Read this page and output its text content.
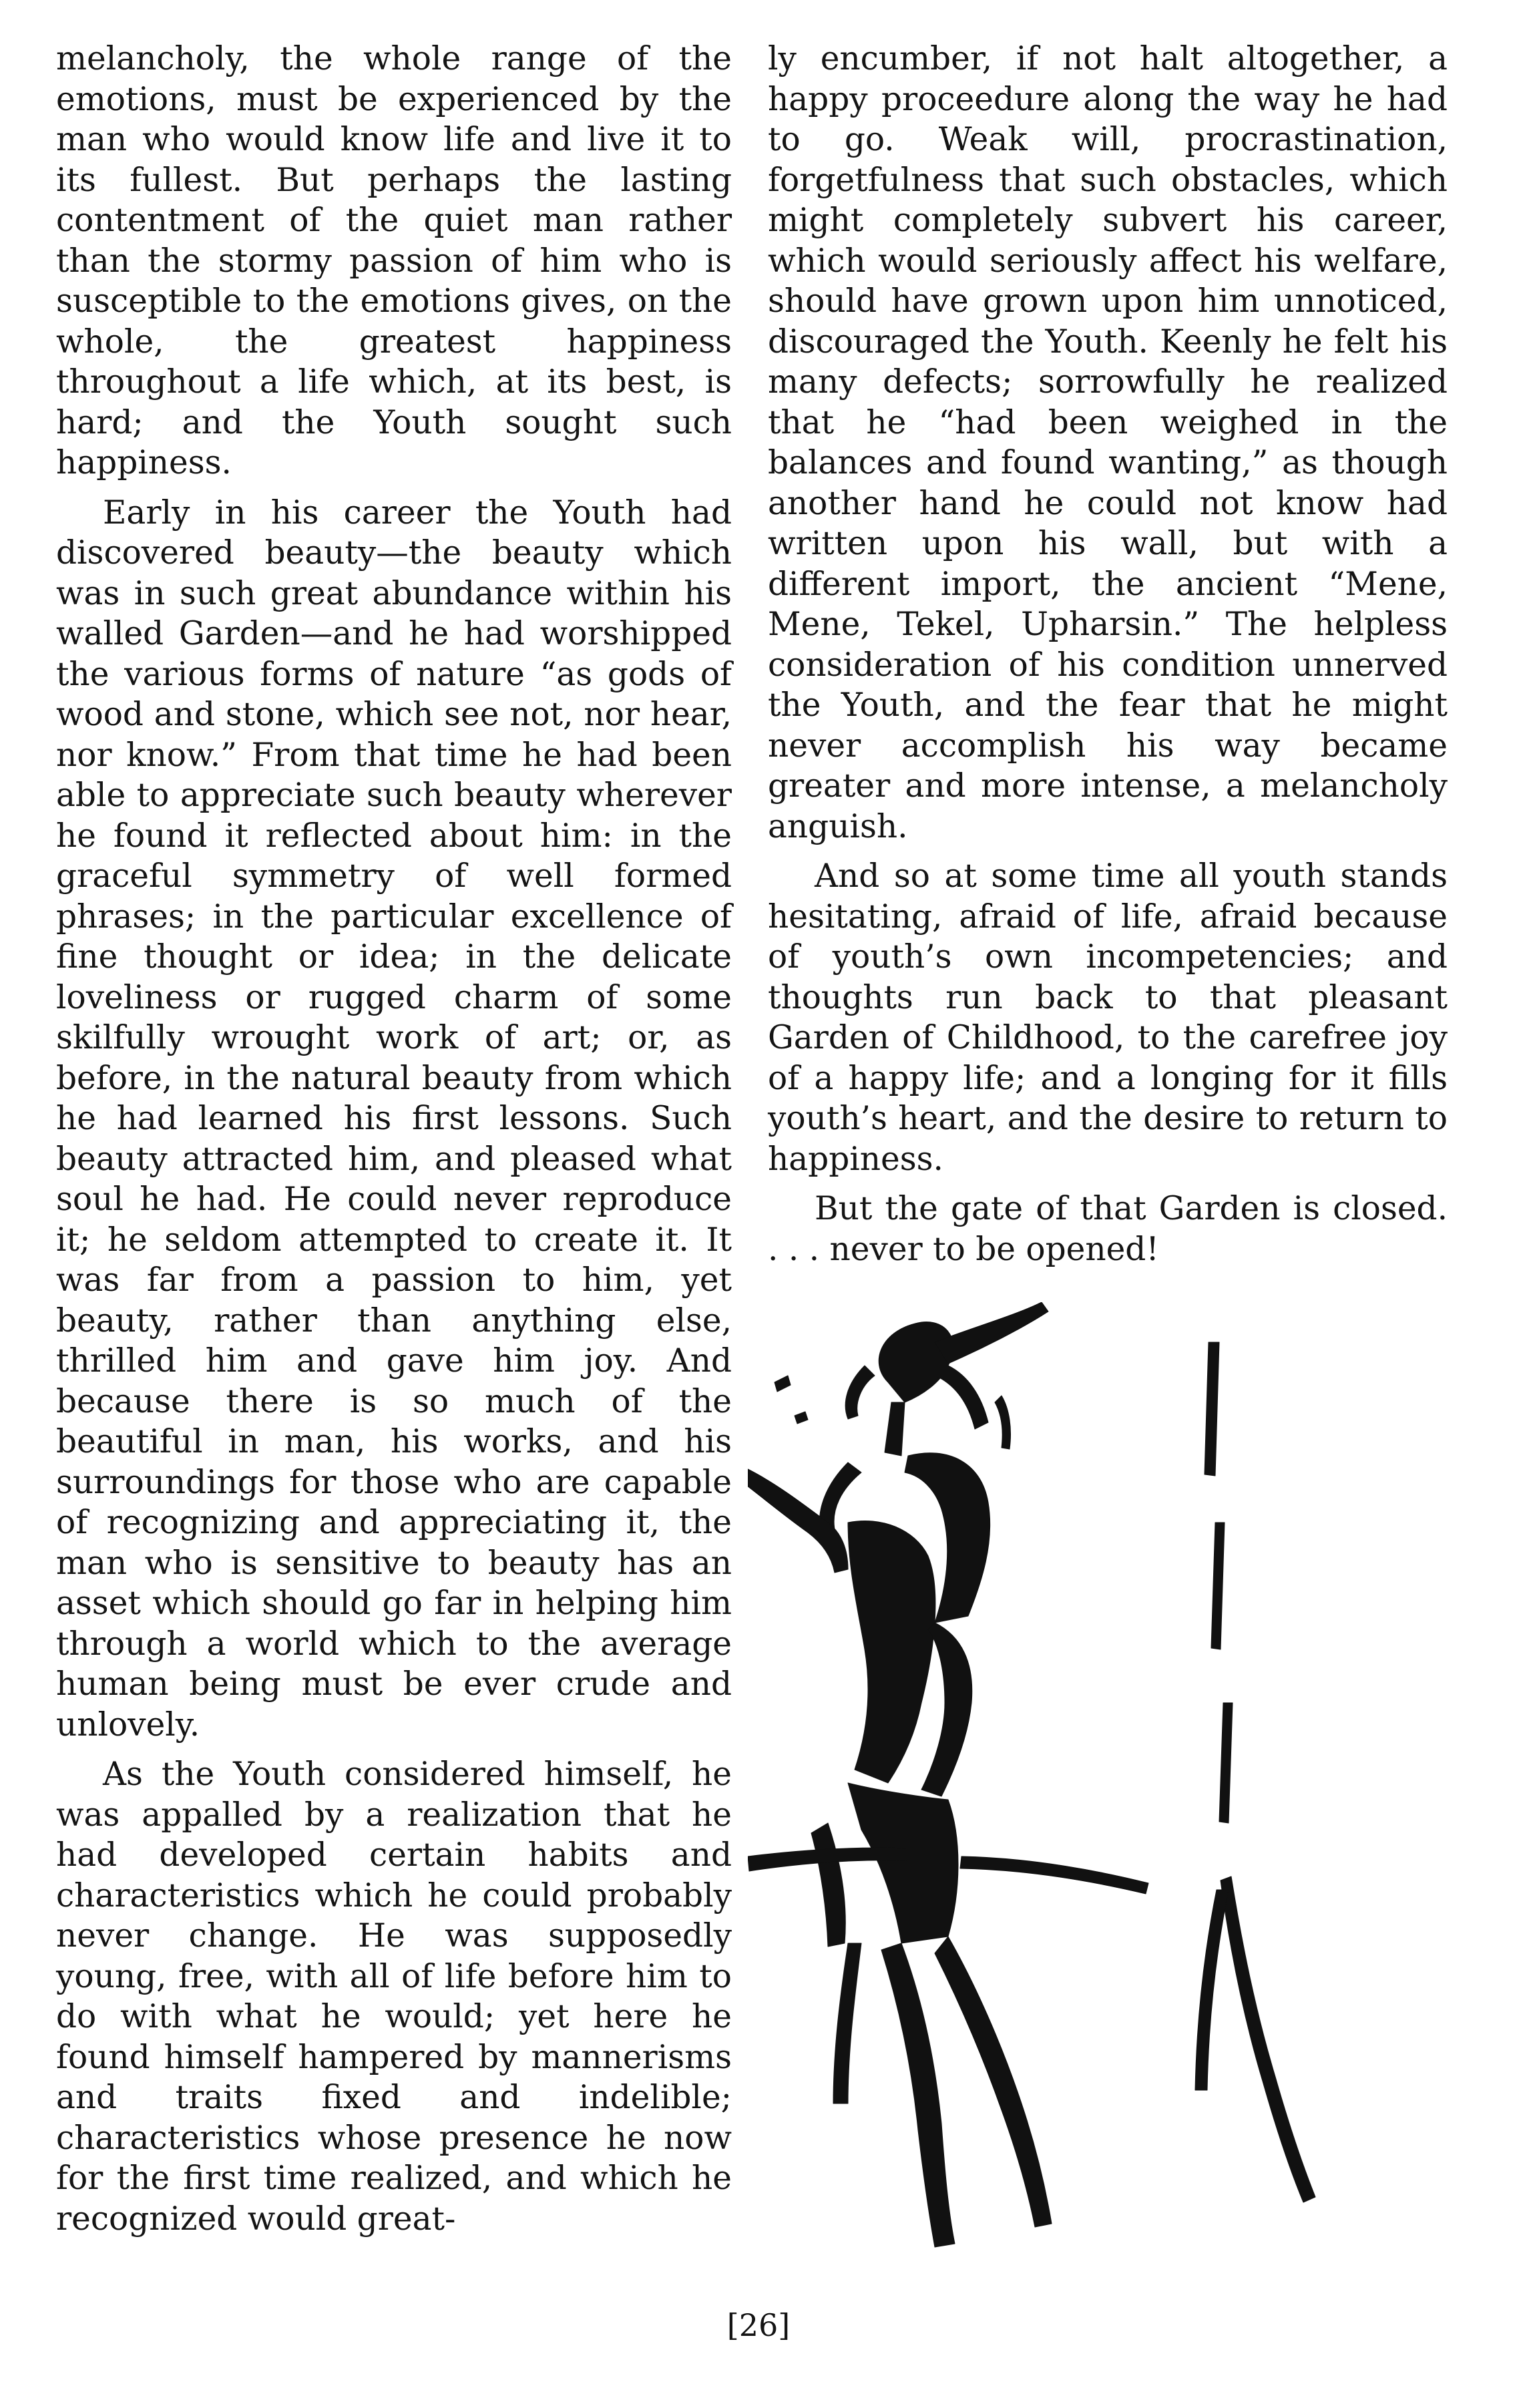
melancholy, the whole range of the emotions, must be experienced by the man who would know life and live it to its fullest. But perhaps the lasting contentment of the quiet man rather than the stormy passion of him who is susceptible to the emotions gives, on the whole, the greatest happiness throughout a life which, at its best, is hard; and the Youth sought such happiness.

Early in his career the Youth had discovered beauty—the beauty which was in such great abundance within his walled Garden—and he had worshipped the various forms of nature “as gods of wood and stone, which see not, nor hear, nor know.” From that time he had been able to appreciate such beauty wherever he found it reflected about him: in the graceful symmetry of well formed phrases; in the particular excellence of fine thought or idea; in the delicate loveliness or rugged charm of some skilfully wrought work of art; or, as before, in the natural beauty from which he had learned his first lessons. Such beauty attracted him, and pleased what soul he had. He could never reproduce it; he seldom attempted to create it. It was far from a passion to him, yet beauty, rather than anything else, thrilled him and gave him joy. And because there is so much of the beautiful in man, his works, and his surroundings for those who are capable of recognizing and appreciating it, the man who is sensitive to beauty has an asset which should go far in helping him through a world which to the average human being must be ever crude and unlovely.

As the Youth considered himself, he was appalled by a realization that he had developed certain habits and characteristics which he could probably never change. He was supposedly young, free, with all of life before him to do with what he would; yet here he found himself hampered by mannerisms and traits fixed and indelible; characteristics whose presence he now for the first time realized, and which he recognized would great-

ly encumber, if not halt altogether, a happy proceedure along the way he had to go. Weak will, procrastination, forgetfulness that such obstacles, which might completely subvert his career, which would seriously affect his welfare, should have grown upon him unnoticed, discouraged the Youth. Keenly he felt his many defects; sorrowfully he realized that he “had been weighed in the balances and found wanting,” as though another hand he could not know had written upon his wall, but with a different import, the ancient “Mene, Mene, Tekel, Upharsin.” The helpless consideration of his condition unnerved the Youth, and the fear that he might never accomplish his way became greater and more intense, a melancholy anguish.

And so at some time all youth stands hesitating, afraid of life, afraid because of youth’s own incompetencies; and thoughts run back to that pleasant Garden of Childhood, to the carefree joy of a happy life; and a longing for it fills youth’s heart, and the desire to return to happiness.

But the gate of that Garden is closed. . . . never to be opened!

[26]
